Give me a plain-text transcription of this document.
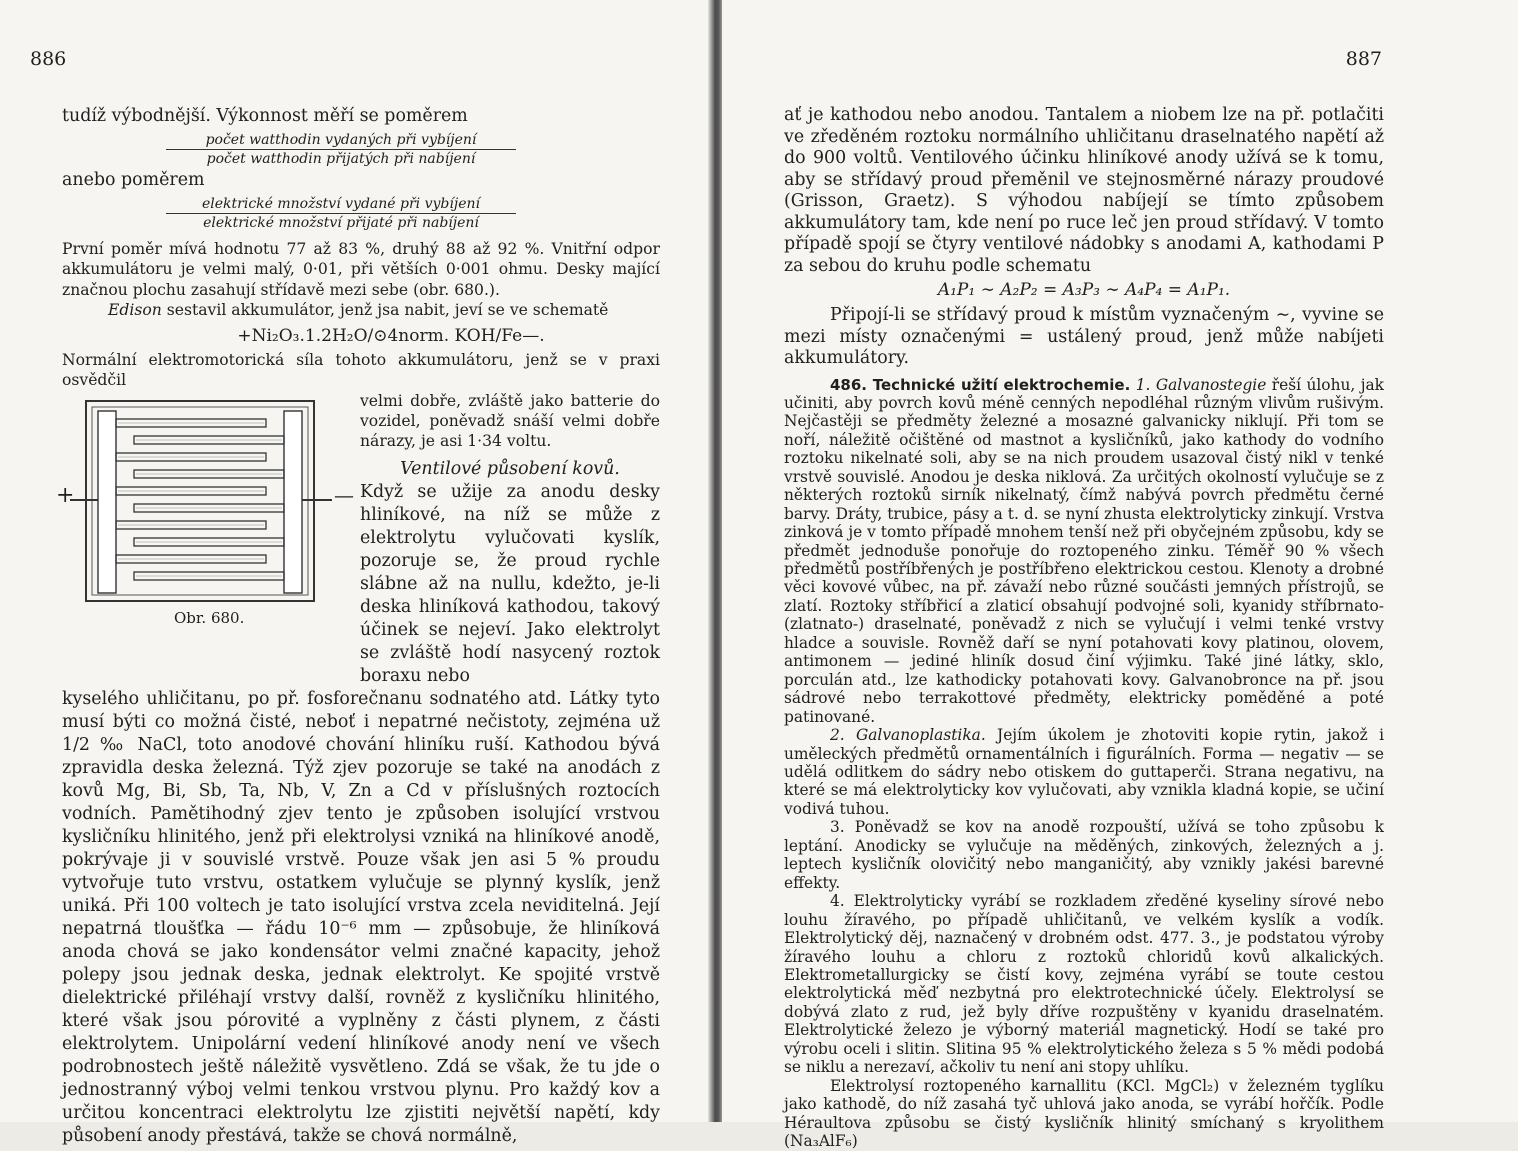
886

tudíž výbodnější. Výkonnost měří se poměrem

počet watthodin vydaných při vybíjení
počet watthodin přijatých při nabíjení

anebo poměrem

elektrické množství vydané při vybíjení
elektrické množství přijaté při nabíjení

První poměr mívá hodnotu 77 až 83 %, druhý 88 až 92 %. Vnitřní odpor akkumulátoru je velmi malý, 0·01, při větších 0·001 ohmu. Desky mající značnou plochu zasahují střídavě mezi sebe (obr. 680.).

Edison sestavil akkumulátor, jenž jsa nabit, jeví se ve schematě

+Ni₂O₃.1.2H₂O/⊙4norm. KOH/Fe—.

Normální elektromotorická síla tohoto akkumulátoru, jenž se v praxi osvědčil

+	—
Obr. 680.

velmi dobře, zvláště jako batterie do vozidel, poněvadž snáší velmi dobře nárazy, je asi 1·34 voltu.

Ventilové působení kovů.

Když se užije za anodu desky hliníkové, na níž se může z elektrolytu vylučovati kyslík, pozoruje se, že proud rychle slábne až na nullu, kdežto, je-li deska hliníková kathodou, takový účinek se nejeví. Jako elektrolyt se zvláště hodí nasycený roztok boraxu nebo

kyselého uhličitanu, po př. fosforečnanu sodnatého atd. Látky tyto musí býti co možná čisté, neboť i nepatrné nečistoty, zejména už 1/2 ‰ NaCl, toto anodové chování hliníku ruší. Kathodou bývá zpravidla deska železná. Týž zjev pozoruje se také na anodách z kovů Mg, Bi, Sb, Ta, Nb, V, Zn a Cd v příslušných roztocích vodních. Pamětihodný zjev tento je způsoben isolující vrstvou kysličníku hlinitého, jenž při elektrolysi vzniká na hliníkové anodě, pokrývaje ji v souvislé vrstvě. Pouze však jen asi 5 % proudu vytvořuje tuto vrstvu, ostatkem vylučuje se plynný kyslík, jenž uniká. Při 100 voltech je tato isolující vrstva zcela neviditelná. Její nepatrná tloušťka — řádu 10⁻⁶ mm — způsobuje, že hliníková anoda chová se jako kondensátor velmi značné kapacity, jehož polepy jsou jednak deska, jednak elektrolyt. Ke spojité vrstvě dielektrické přiléhají vrstvy další, rovněž z kysličníku hlinitého, které však jsou pórovité a vyplněny z části plynem, z části elektrolytem. Unipolární vedení hliníkové anody není ve všech podrobnostech ještě náležitě vysvětleno. Zdá se však, že tu jde o jednostranný výboj velmi tenkou vrstvou plynu. Pro každý kov a určitou koncentraci elektrolytu lze zjistiti největší napětí, kdy působení anody přestává, takže se chová normálně,

887

ať je kathodou nebo anodou. Tantalem a niobem lze na př. potlačiti ve zředěném roztoku normálního uhličitanu draselnatého napětí až do 900 voltů. Ventilového účinku hliníkové anody užívá se k tomu, aby se střídavý proud přeměnil ve stejnosměrné nárazy proudové (Grisson, Graetz). S výhodou nabíjejí se tímto způsobem akkumulátory tam, kde není po ruce leč jen proud střídavý. V tomto případě spojí se čtyry ventilové nádobky s anodami A, kathodami P za sebou do kruhu podle schematu

A₁P₁ ∼ A₂P₂ = A₃P₃ ∼ A₄P₄ = A₁P₁.

Připojí-li se střídavý proud k místům vyznačeným ∼, vyvine se mezi místy označenými = ustálený proud, jenž může nabíjeti akkumulátory.

486. Technické užití elektrochemie. 1. Galvanostegie řeší úlohu, jak učiniti, aby povrch kovů méně cenných nepodléhal různým vlivům rušivým. Nejčastěji se předměty železné a mosazné galvanicky niklují. Při tom se noří, náležitě očištěné od mastnot a kysličníků, jako kathody do vodního roztoku nikelnaté soli, aby se na nich proudem usazoval čistý nikl v tenké vrstvě souvislé. Anodou je deska niklová. Za určitých okolností vylučuje se z některých roztoků sirník nikelnatý, čímž nabývá povrch předmětu černé barvy. Dráty, trubice, pásy a t. d. se nyní zhusta elektrolyticky zinkují. Vrstva zinková je v tomto případě mnohem tenší než při obyčejném způsobu, kdy se předmět jednoduše ponořuje do roztopeného zinku. Téměř 90 % všech předmětů postříbřených je postříbřeno elektrickou cestou. Klenoty a drobné věci kovové vůbec, na př. závaží nebo různé součásti jemných přístrojů, se zlatí. Roztoky stříbřicí a zlaticí obsahují podvojné soli, kyanidy stříbrnato- (zlatnato-) draselnaté, poněvadž z nich se vylučují i velmi tenké vrstvy hladce a souvisle. Rovněž daří se nyní potahovati kovy platinou, olovem, antimonem — jediné hliník dosud činí výjimku. Také jiné látky, sklo, porculán atd., lze kathodicky potahovati kovy. Galvanobronce na př. jsou sádrové nebo terrakottové předměty, elektricky poměděné a poté patinované.

2. Galvanoplastika. Jejím úkolem je zhotoviti kopie rytin, jakož i uměleckých předmětů ornamentálních i figurálních. Forma — negativ — se udělá odlitkem do sádry nebo otiskem do guttaperči. Strana negativu, na které se má elektrolyticky kov vylučovati, aby vznikla kladná kopie, se učiní vodivá tuhou.

3. Poněvadž se kov na anodě rozpouští, užívá se toho způsobu k leptání. Anodicky se vylučuje na měděných, zinkových, železných a j. leptech kysličník olovičitý nebo manganičitý, aby vznikly jakési barevné effekty.

4. Elektrolyticky vyrábí se rozkladem zředěné kyseliny sírové nebo louhu žíravého, po případě uhličitanů, ve velkém kyslík a vodík. Elektrolytický děj, naznačený v drobném odst. 477. 3., je podstatou výroby žíravého louhu a chloru z roztoků chloridů kovů alkalických. Elektrometallurgicky se čistí kovy, zejména vyrábí se toute cestou elektrolytická měď nezbytná pro elektrotechnické účely. Elektrolysí se dobývá zlato z rud, jež byly dříve rozpuštěny v kyanidu draselnatém. Elektrolytické železo je výborný materiál magnetický. Hodí se také pro výrobu oceli i slitin. Slitina 95 % elektrolytického železa s 5 % mědi podobá se niklu a nerezaví, ačkoliv tu není ani stopy uhlíku.

Elektrolysí roztopeného karnallitu (KCl. MgCl₂) v železném tyglíku jako kathodě, do níž zasahá tyč uhlová jako anoda, se vyrábí hořčík. Podle Héraultova způsobu se čistý kysličník hlinitý smíchaný s kryolithem (Na₃AlF₆)
